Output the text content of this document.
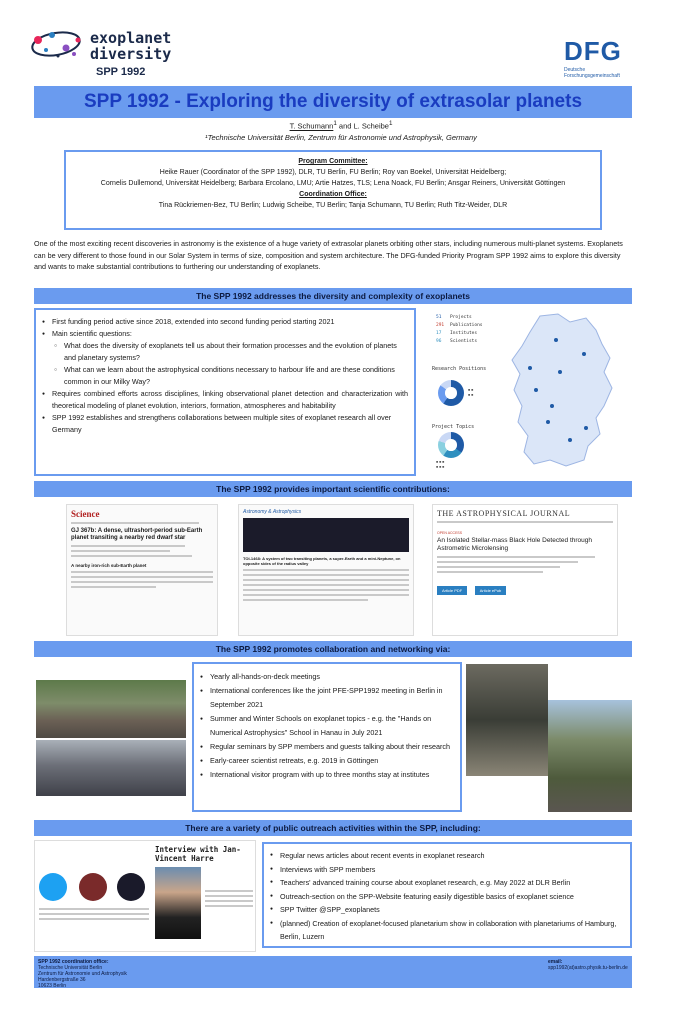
exoplanet
diversity
SPP 1992
DFG
Deutsche
Forschungsgemeinschaft
SPP 1992 - Exploring the diversity of extrasolar planets
T. Schumann$^1$ and L. Scheibe$^1$
¹Technische Universität Berlin, Zentrum für Astronomie und Astrophysik, Germany
Program Committee:
Heike Rauer (Coordinator of the SPP 1992), DLR, TU Berlin, FU Berlin; Roy van Boekel, Universität Heidelberg;
Cornelis Dullemond, Universität Heidelberg; Barbara Ercolano, LMU; Artie Hatzes, TLS; Lena Noack, FU Berlin; Ansgar Reiners, Universität Göttingen
Coordination Office:
Tina Rückriemen-Bez, TU Berlin; Ludwig Scheibe, TU Berlin; Tanja Schumann, TU Berlin; Ruth Titz-Weider, DLR
One of the most exciting recent discoveries in astronomy is the existence of a huge variety of extrasolar planets orbiting other stars, including numerous multi-planet systems. Exoplanets can be very different to those found in our Solar System in terms of size, composition and system architecture. The DFG-funded Priority Program SPP 1992 aims to explore this diversity and wants to make substantial contributions to furthering our understanding of exoplanets.
The SPP 1992 addresses the diversity and complexity of exoplanets
● First funding period active since 2018, extended into second funding period starting 2021
● Main scientific questions:
○ What does the diversity of exoplanets tell us about their formation processes and the evolution of planets and planetary systems?
○ What can we learn about the astrophysical conditions necessary to harbour life and are these conditions common in our Milky Way?
● Requires combined efforts across disciplines, linking observational planet detection and characterization with theoretical modeling of planet evolution, interiors, formation, atmospheres and habitability
● SPP 1992 establishes and strengthens collaborations between multiple sites of exoplanet research all over Germany
51 Projects
291 Publications
17 Institutes
96 Scientists
Research Positions
■ ■
■ ■
Project Topics
■ ■ ■
■ ■ ■
The SPP 1992 provides important scientific contributions:
Science
GJ 367b: A dense, ultrashort-period sub-Earth planet transiting a nearby red dwarf star
A nearby iron-rich sub-Earth planet
Astronomy & Astrophysics
TOI-1468: A system of two transiting planets, a super-Earth and a mini-Neptune, on opposite sides of the radius valley
THE ASTROPHYSICAL JOURNAL
OPEN ACCESS
An Isolated Stellar-mass Black Hole Detected through Astrometric Microlensing
Article PDF	Article ePub
The SPP 1992 promotes collaboration and networking via:
● Yearly all-hands-on-deck meetings
● International conferences like the joint PFE-SPP1992 meeting in Berlin in September 2021
● Summer and Winter Schools on exoplanet topics - e.g. the "Hands on Numerical Astrophysics" School in Hanau in July 2021
● Regular seminars by SPP members and guests talking about their research
● Early-career scientist retreats, e.g. 2019 in Göttingen
● International visitor program with up to three months stay at institutes
There are a variety of public outreach activities within the SPP, including:
Interview with Jan-Vincent Harre
●	Regular news articles about recent events in exoplanet research
● Interviews with SPP members
● Teachers' advanced training course about exoplanet research, e.g. May 2022 at DLR Berlin
● Outreach-section on the SPP-Website featuring easily digestible basics of exoplanet science
● SPP Twitter @SPP_exoplanets
● (planned) Creation of exoplanet-focused planetarium show in collaboration with planetariums of Hamburg, Berlin, Luzern
SPP 1992 coordination office:
Technische Universität Berlin
Zentrum für Astronomie und Astrophysik
Hardenbergstraße 36
10623 Berlin
email:
spp1992(at)astro.physik.tu-berlin.de
